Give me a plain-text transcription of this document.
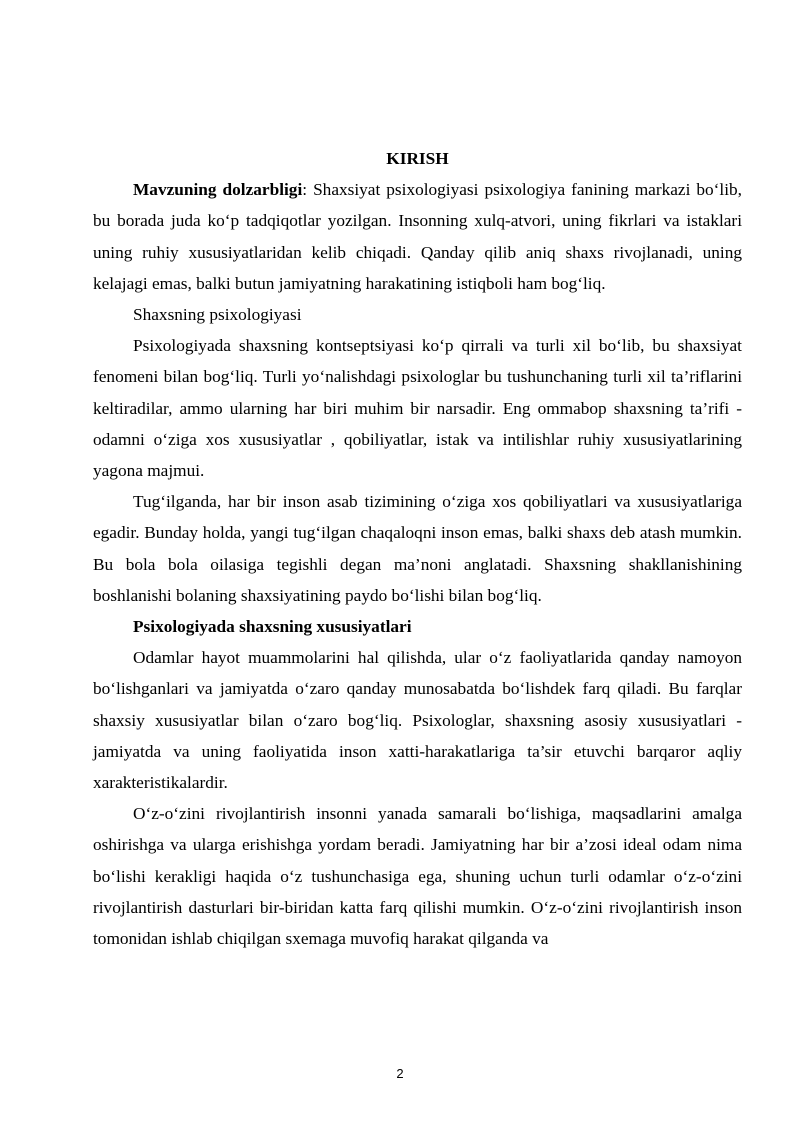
KIRISH

Mavzuning dolzarbligi: Shaxsiyat psixologiyasi psixologiya fanining markazi bo‘lib, bu borada juda ko‘p tadqiqotlar yozilgan. Insonning xulq-atvori, uning fikrlari va istaklari uning ruhiy xususiyatlaridan kelib chiqadi. Qanday qilib aniq shaxs rivojlanadi, uning kelajagi emas, balki butun jamiyatning harakatining istiqboli ham bog‘liq.

Shaxsning psixologiyasi

Psixologiyada shaxsning kontseptsiyasi ko‘p qirrali va turli xil bo‘lib, bu shaxsiyat fenomeni bilan bog‘liq. Turli yo‘nalishdagi psixologlar bu tushunchaning turli xil ta’riflarini keltiradilar, ammo ularning har biri muhim bir narsadir. Eng ommabop shaxsning ta’rifi - odamni o‘ziga xos xususiyatlar , qobiliyatlar, istak va intilishlar ruhiy xususiyatlarining yagona majmui.

Tug‘ilganda, har bir inson asab tizimining o‘ziga xos qobiliyatlari va xususiyatlariga egadir. Bunday holda, yangi tug‘ilgan chaqaloqni inson emas, balki shaxs deb atash mumkin. Bu bola bola oilasiga tegishli degan ma’noni anglatadi. Shaxsning shakllanishining boshlanishi bolaning shaxsiyatining paydo bo‘lishi bilan bog‘liq.

Psixologiyada shaxsning xususiyatlari

Odamlar hayot muammolarini hal qilishda, ular o‘z faoliyatlarida qanday namoyon bo‘lishganlari va jamiyatda o‘zaro qanday munosabatda bo‘lishdek farq qiladi. Bu farqlar shaxsiy xususiyatlar bilan o‘zaro bog‘liq. Psixologlar, shaxsning asosiy xususiyatlari - jamiyatda va uning faoliyatida inson xatti-harakatlariga ta’sir etuvchi barqaror aqliy xarakteristikalardir.

O‘z-o‘zini rivojlantirish insonni yanada samarali bo‘lishiga, maqsadlarini amalga oshirishga va ularga erishishga yordam beradi. Jamiyatning har bir a’zosi ideal odam nima bo‘lishi kerakligi haqida o‘z tushunchasiga ega, shuning uchun turli odamlar o‘z-o‘zini rivojlantirish dasturlari bir-biridan katta farq qilishi mumkin. O‘z-o‘zini rivojlantirish inson tomonidan ishlab chiqilgan sxemaga muvofiq harakat qilganda va

2
